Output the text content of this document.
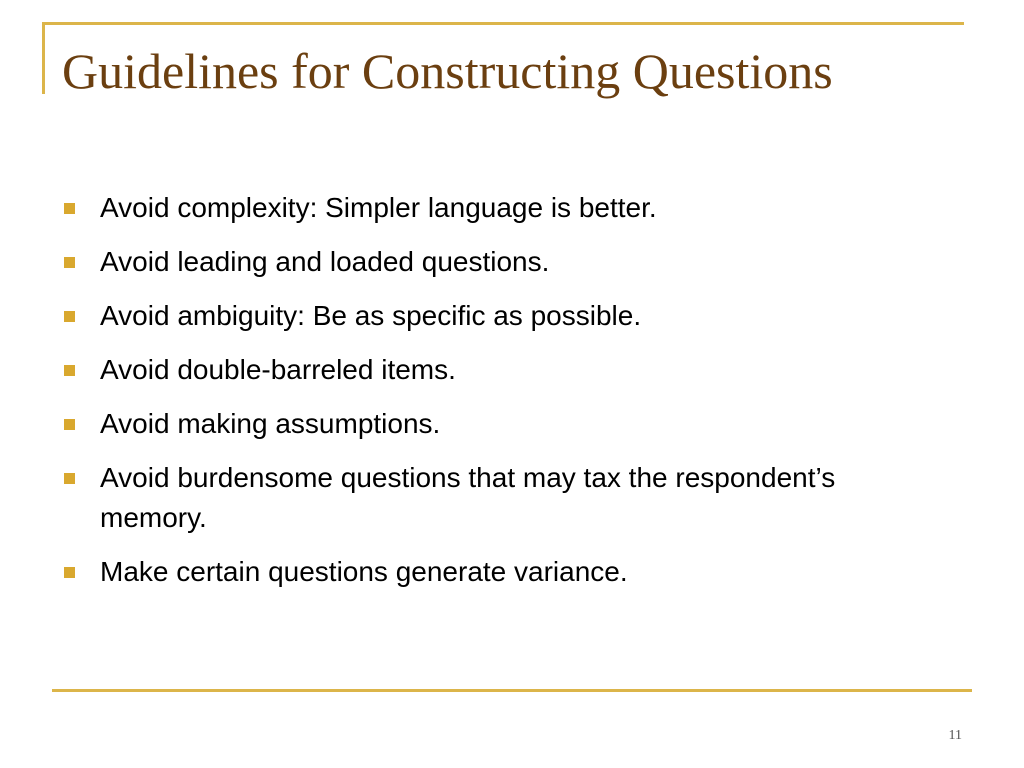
Guidelines for Constructing Questions
Avoid complexity: Simpler language is better.
Avoid leading and loaded questions.
Avoid ambiguity: Be as specific as possible.
Avoid double-barreled items.
Avoid making assumptions.
Avoid burdensome questions that may tax the respondent’s memory.
Make certain questions generate variance.
11
